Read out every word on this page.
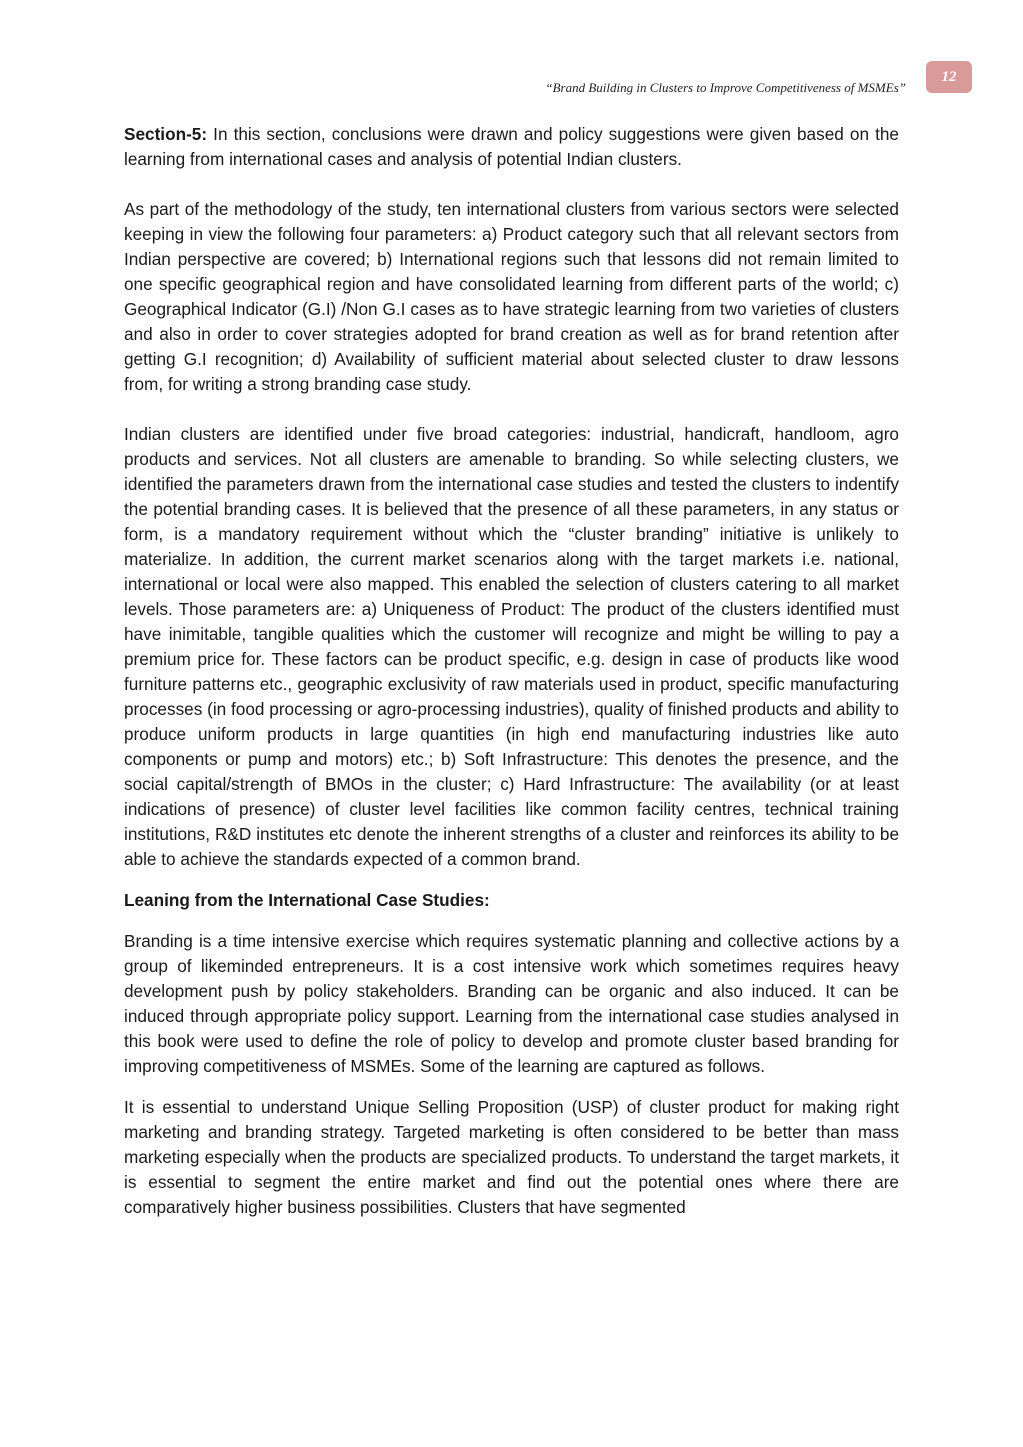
“Brand Building in Clusters to Improve Competitiveness of MSMEs”
12

Section-5: In this section, conclusions were drawn and policy suggestions were given based on the learning from international cases and analysis of potential Indian clusters.

As part of the methodology of the study, ten international clusters from various sectors were selected keeping in view the following four parameters: a) Product category such that all relevant sectors from Indian perspective are covered; b) International regions such that lessons did not remain limited to one specific geographical region and have consolidated learning from different parts of the world; c) Geographical Indicator (G.I) /Non G.I cases as to have strategic learning from two varieties of clusters and also in order to cover strategies adopted for brand creation as well as for brand retention after getting G.I recognition; d) Availability of sufficient material about selected cluster to draw lessons from, for writing a strong branding case study.

Indian clusters are identified under five broad categories: industrial, handicraft, handloom, agro products and services. Not all clusters are amenable to branding. So while selecting clusters, we identified the parameters drawn from the international case studies and tested the clusters to indentify the potential branding cases. It is believed that the presence of all these parameters, in any status or form, is a mandatory requirement without which the “cluster branding” initiative is unlikely to materialize. In addition, the current market scenarios along with the target markets i.e. national, international or local were also mapped. This enabled the selection of clusters catering to all market levels. Those parameters are: a) Uniqueness of Product: The product of the clusters identified must have inimitable, tangible qualities which the customer will recognize and might be willing to pay a premium price for. These factors can be product specific, e.g. design in case of products like wood furniture patterns etc., geographic exclusivity of raw materials used in product, specific manufacturing processes (in food processing or agro-processing industries), quality of finished products and ability to produce uniform products in large quantities (in high end manufacturing industries like auto components or pump and motors) etc.; b) Soft Infrastructure: This denotes the presence, and the social capital/strength of BMOs in the cluster; c) Hard Infrastructure: The availability (or at least indications of presence) of cluster level facilities like common facility centres, technical training institutions, R&D institutes etc denote the inherent strengths of a cluster and reinforces its ability to be able to achieve the standards expected of a common brand.

Leaning from the International Case Studies:

Branding is a time intensive exercise which requires systematic planning and collective actions by a group of likeminded entrepreneurs. It is a cost intensive work which sometimes requires heavy development push by policy stakeholders. Branding can be organic and also induced. It can be induced through appropriate policy support. Learning from the international case studies analysed in this book were used to define the role of policy to develop and promote cluster based branding for improving competitiveness of MSMEs. Some of the learning are captured as follows.

It is essential to understand Unique Selling Proposition (USP) of cluster product for making right marketing and branding strategy. Targeted marketing is often considered to be better than mass marketing especially when the products are specialized products. To understand the target markets, it is essential to segment the entire market and find out the potential ones where there are comparatively higher business possibilities. Clusters that have segmented
